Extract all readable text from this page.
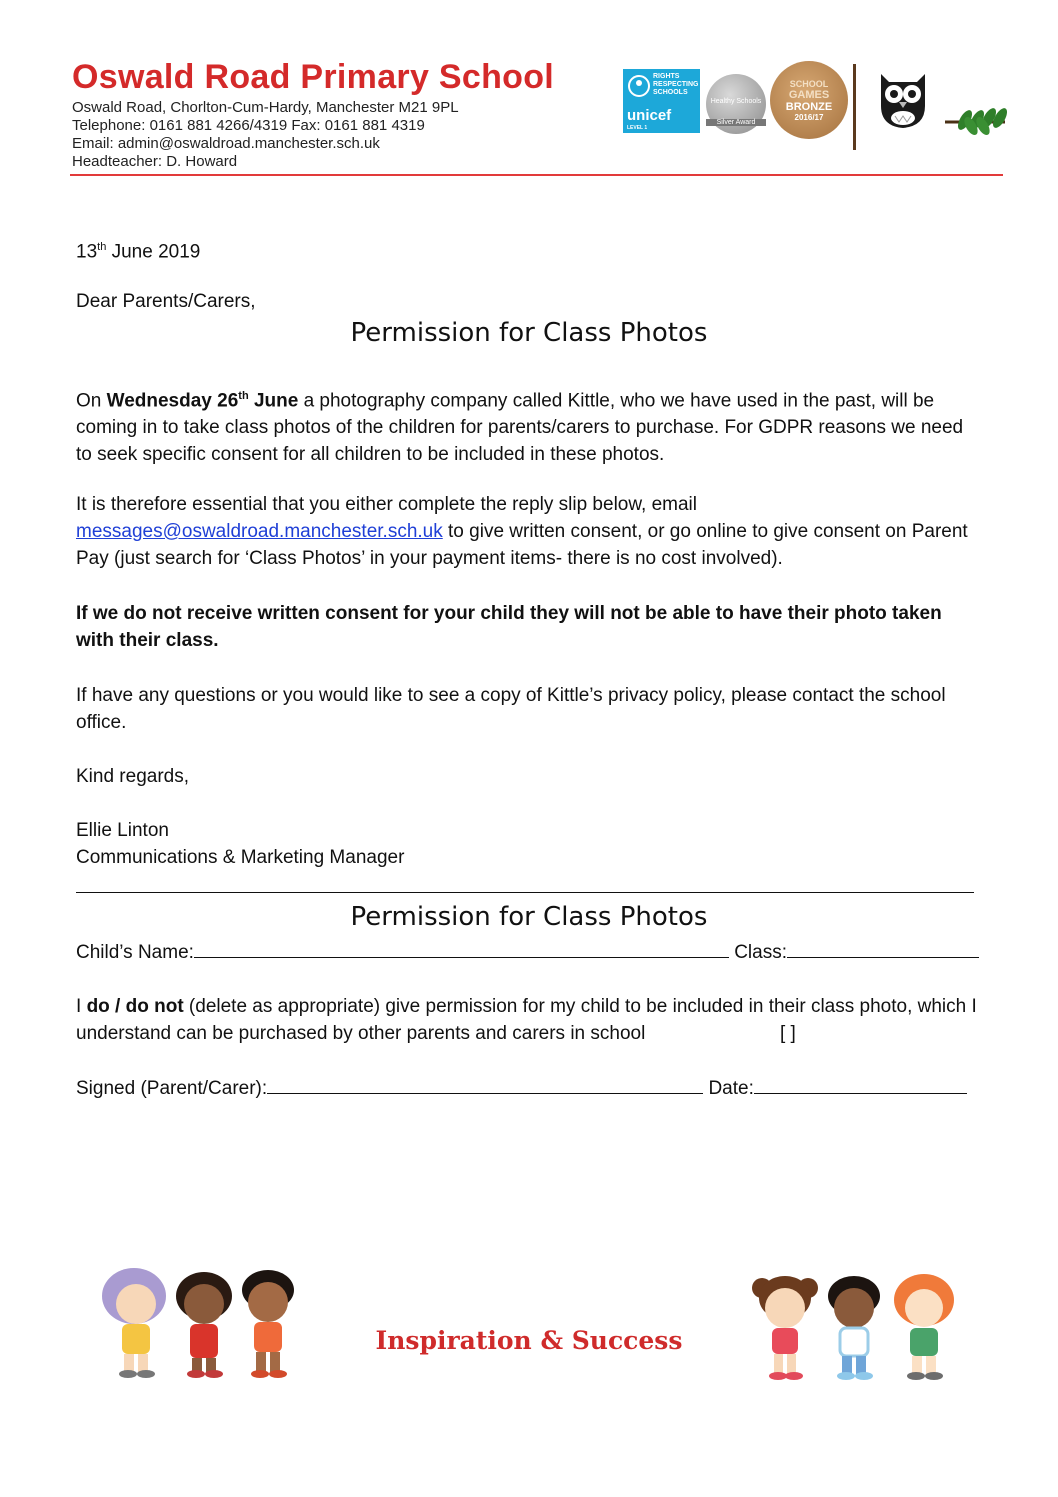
Oswald Road Primary School
Oswald Road, Chorlton-Cum-Hardy, Manchester M21 9PL
Telephone: 0161 881 4266/4319 Fax: 0161 881 4319
Email: admin@oswaldroad.manchester.sch.uk
Headteacher: D. Howard
RIGHTS RESPECTING SCHOOLS
unicef
LEVEL 1
Healthy Schools
Silver Award
SCHOOL
GAMES
BRONZE
2016/17
13th June 2019
Dear Parents/Carers,
Permission for Class Photos
On Wednesday 26th June a photography company called Kittle, who we have used in the past, will be coming in to take class photos of the children for parents/carers to purchase. For GDPR reasons we need to seek specific consent for all children to be included in these photos.
It is therefore essential that you either complete the reply slip below, email
messages@oswaldroad.manchester.sch.uk to give written consent, or go online to give consent on Parent Pay (just search for ‘Class Photos’ in your payment items- there is no cost involved).
If we do not receive written consent for your child they will not be able to have their photo taken with their class.
If have any questions or you would like to see a copy of Kittle’s privacy policy, please contact the school office.
Kind regards,
Ellie Linton
Communications & Marketing Manager
Permission for Class Photos
Child’s Name:	Class:
I do / do not (delete as appropriate) give permission for my child to be included in their class photo, which I understand can be purchased by other parents and carers in school	[ ]
Signed (Parent/Carer):	Date:
Inspiration & Success
